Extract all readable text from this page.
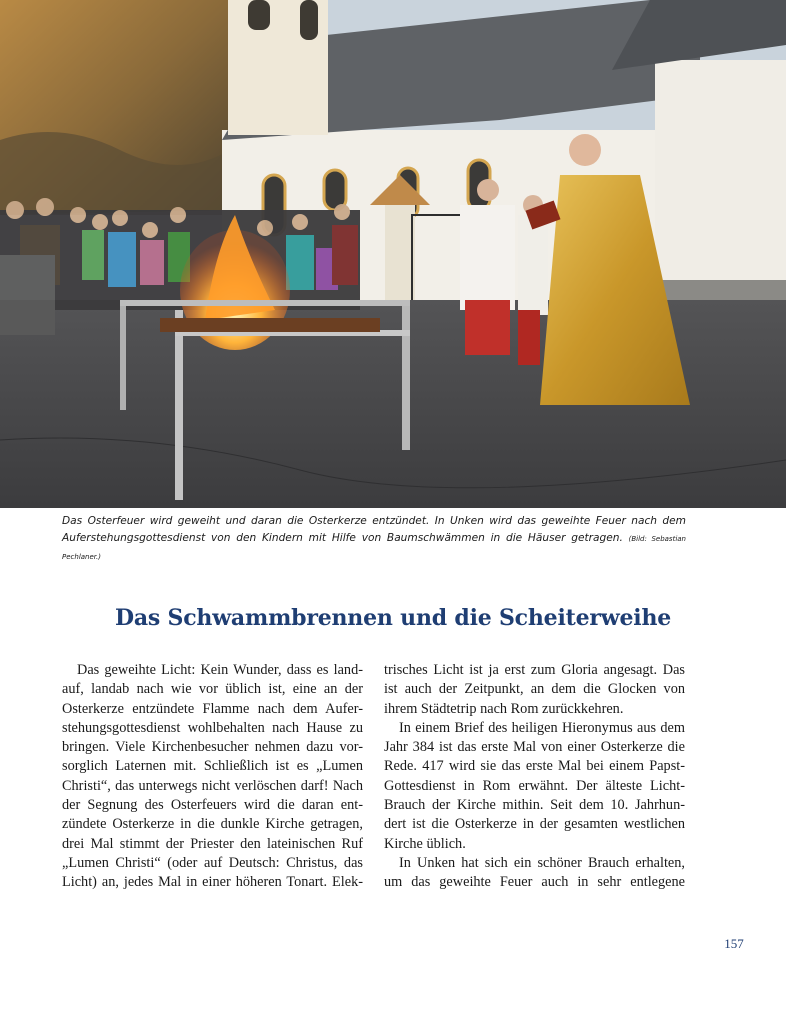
Das Osterfeuer wird geweiht und daran die Osterkerze entzündet. In Unken wird das geweihte Feuer nach dem Auferstehungsgottesdienst von den Kindern mit Hilfe von Baumschwämmen in die Häuser getragen. (Bild: Sebastian Pechlaner.)

Das Schwammbrennen und die Scheiterweihe

Das geweihte Licht: Kein Wunder, dass es land-

auf, landab nach wie vor üblich ist, eine an der

Osterkerze entzündete Flamme nach dem Aufer-

stehungsgottesdienst wohlbehalten nach Hause zu

bringen. Viele Kirchenbesucher nehmen dazu vor-

sorglich Laternen mit. Schließlich ist es „Lumen

Christi“, das unterwegs nicht verlöschen darf! Nach

der Segnung des Osterfeuers wird die daran ent-

zündete Osterkerze in die dunkle Kirche getragen,

drei Mal stimmt der Priester den lateinischen Ruf

„Lumen Christi“ (oder auf Deutsch: Christus, das

Licht) an, jedes Mal in einer höheren Tonart. Elek-

trisches Licht ist ja erst zum Gloria angesagt. Das

ist auch der Zeitpunkt, an dem die Glocken von

ihrem Städtetrip nach Rom zurückkehren.

In einem Brief des heiligen Hieronymus aus dem

Jahr 384 ist das erste Mal von einer Osterkerze die

Rede. 417 wird sie das erste Mal bei einem Papst-

Gottesdienst in Rom erwähnt. Der älteste Licht-

Brauch der Kirche mithin. Seit dem 10. Jahrhun-

dert ist die Osterkerze in der gesamten westlichen

Kirche üblich.

In Unken hat sich ein schöner Brauch erhalten,

um das geweihte Feuer auch in sehr entlegene

157
